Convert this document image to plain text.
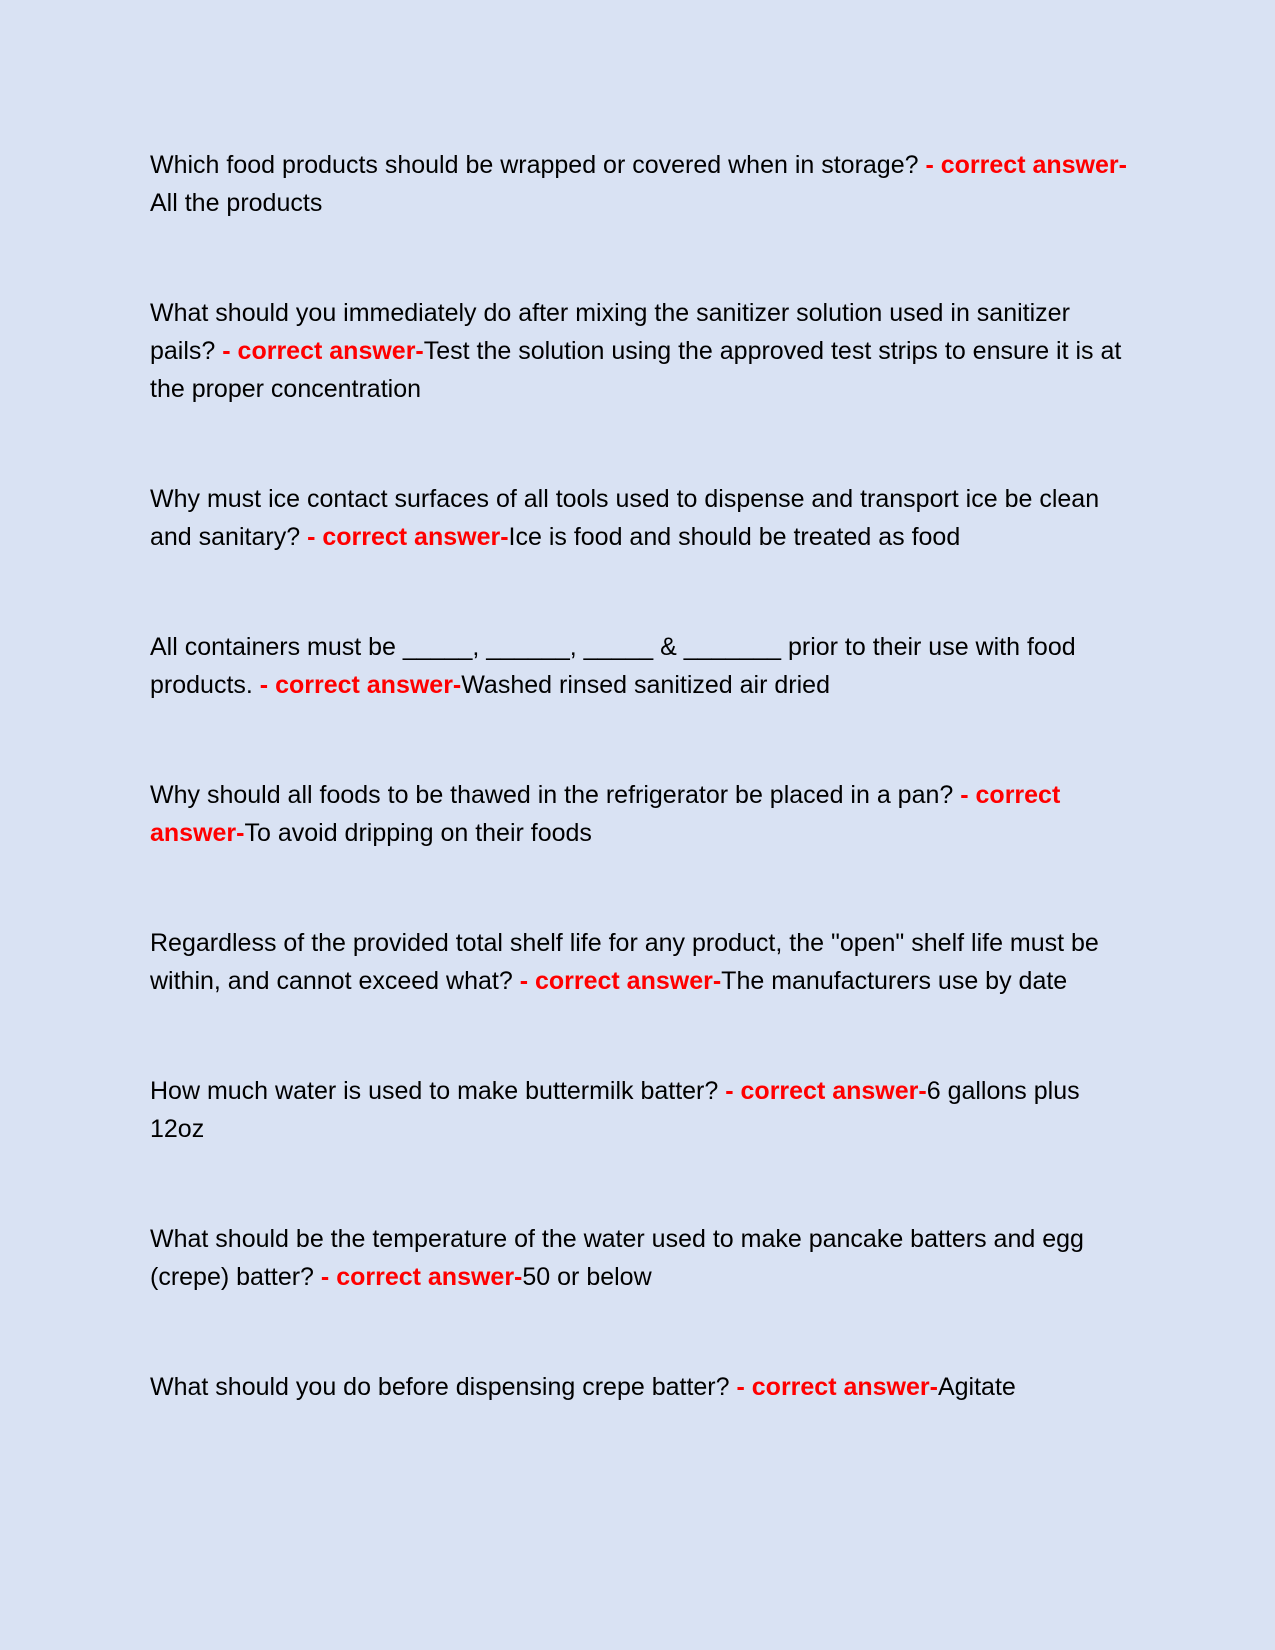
Which food products should be wrapped or covered when in storage? - correct answer-All the products

What should you immediately do after mixing the sanitizer solution used in sanitizer pails? - correct answer-Test the solution using the approved test strips to ensure it is at the proper concentration

Why must ice contact surfaces of all tools used to dispense and transport ice be clean and sanitary? - correct answer-Ice is food and should be treated as food

All containers must be _____, ______, _____ & _______ prior to their use with food products. - correct answer-Washed rinsed sanitized air dried

Why should all foods to be thawed in the refrigerator be placed in a pan? - correct answer-To avoid dripping on their foods

Regardless of the provided total shelf life for any product, the "open" shelf life must be within, and cannot exceed what? - correct answer-The manufacturers use by date

How much water is used to make buttermilk batter? - correct answer-6 gallons plus 12oz

What should be the temperature of the water used to make pancake batters and egg (crepe) batter? - correct answer-50 or below

What should you do before dispensing crepe batter? - correct answer-Agitate
